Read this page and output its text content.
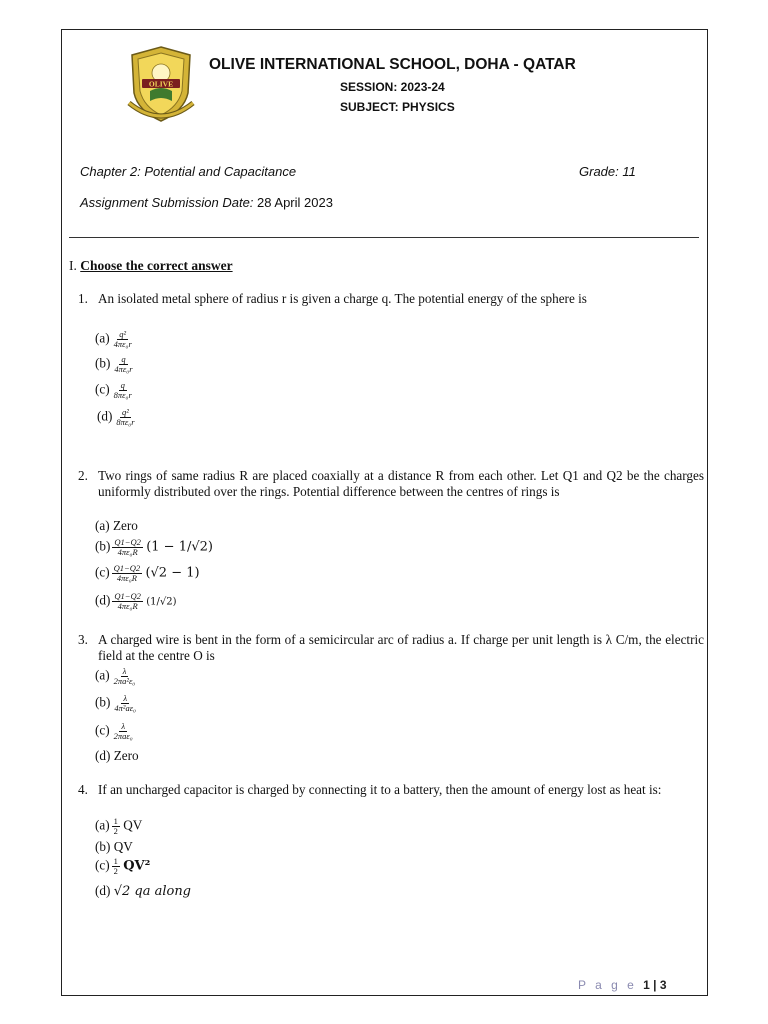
OLIVE
OLIVE INTERNATIONAL SCHOOL, DOHA - QATAR
SESSION: 2023-24
SUBJECT: PHYSICS
Chapter 2: Potential and Capacitance	Grade: 11
Assignment Submission Date: 28 April 2023
I. Choose the correct answer
1. An isolated metal sphere of radius r is given a charge q. The potential energy of the sphere is
$(a) \frac{\text{q²}}{\text{4πε₀r}}$
$(b) \frac{q}{\text{4πε₀r}}$
$(c) \frac{q}{\text{8πε₀r}}$
$(d) \frac{\text{q²}}{\text{8πε₀r}}$
2. Two rings of same radius R are placed coaxially at a distance R from each other. Let Q1 and Q2 be the charges uniformly distributed over the rings. Potential difference between the centres of rings is
(a) Zero
$(b) \frac{Q1-Q2}{\text{4πε₀R}} (1 - 1/√2)$
$(c) \frac{Q1-Q2}{\text{4πε₀R}} (√2 - 1)$
$(d) \frac{Q1-Q2}{\text{4πε₀R}} (1/√2)$
3. A charged wire is bent in the form of a semicircular arc of radius a. If charge per unit length is λ C/m, the electric field at the centre O is
$(a) \frac{\lambda}{\text{2πa²ε₀}}$
$(b) \frac{\lambda}{\text{4π²aε₀}}$
$(c) \frac{\lambda}{\text{2πaε₀}}$
(d) Zero
4. If an uncharged capacitor is charged by connecting it to a battery, then the amount of energy lost as heat is:
$(a) \frac{1}{2}$ QV
(b) QV
$(c) \frac{1}{2} QV^2$
(d) √2 qa along
P a g e 1 | 3
